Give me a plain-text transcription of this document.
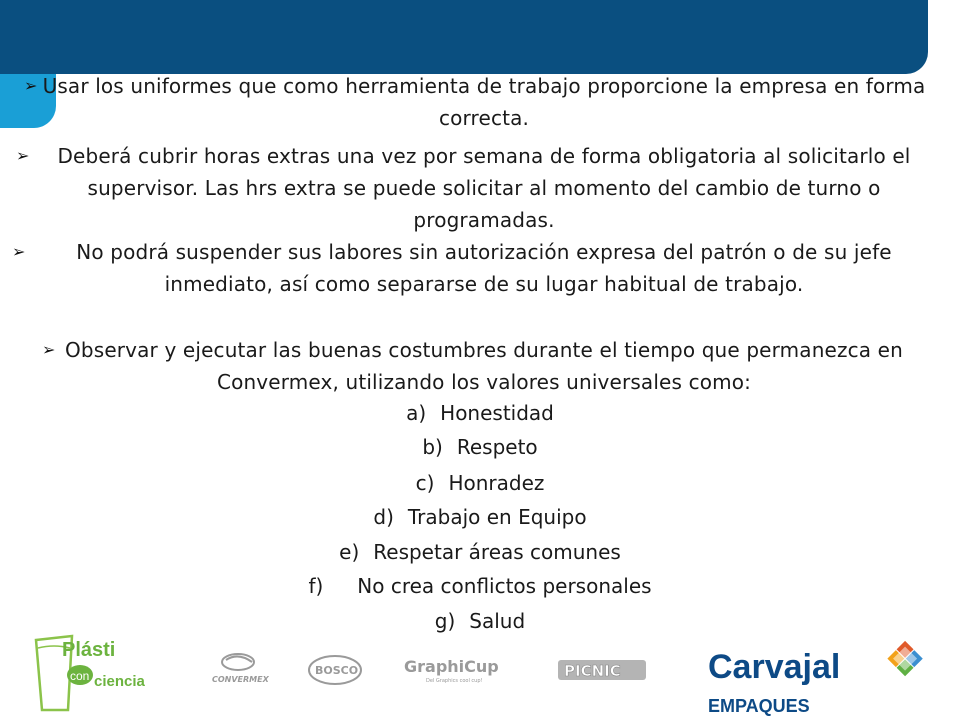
➢ Usar los uniformes que como herramienta de trabajo proporcione la empresa en forma correcta.
➢ Deberá cubrir horas extras una vez por semana de forma obligatoria al solicitarlo el supervisor. Las hrs extra se puede solicitar al momento del cambio de turno o programadas.
➢	No podrá suspender sus labores sin autorización expresa del patrón o de su jefe inmediato, así como separarse de su lugar habitual de trabajo.
➢ Observar y ejecutar las buenas costumbres durante el tiempo que permanezca en Convermex, utilizando los valores universales como:
a) Honestidad
b) Respeto
c) Honradez
d) Trabajo en Equipo
e) Respetar áreas comunes
f) No crea conflictos personales
g) Salud
Plásti
con ciencia	CONVERMEX
BOSCO	GraphiCup
Del Graphics cool cup!
PICNIC	Carvajal
EMPAQUES
